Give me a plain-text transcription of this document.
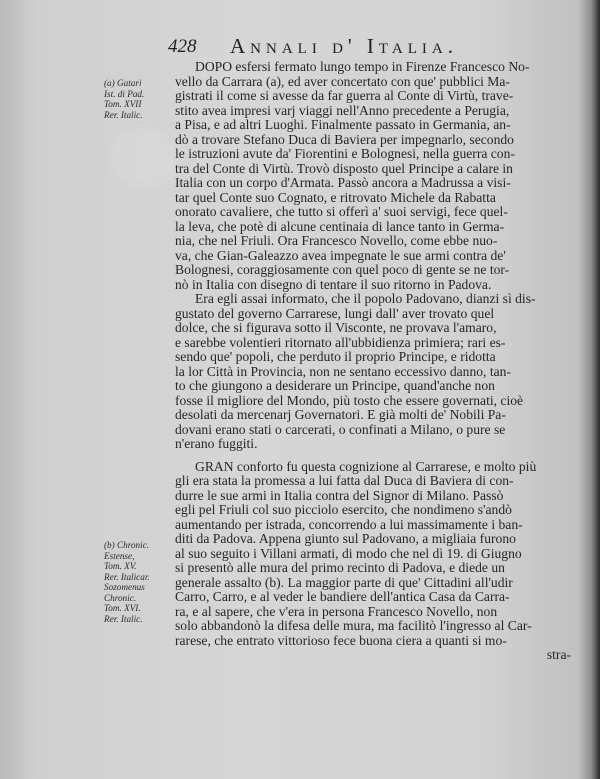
428 Annali d' Italia.
(a) Gatari
Ist. di Pad.
Tom. XVII
Rer. Italic.
(b) Chronic.
Estense,
Tom. XV.
Rer. Italicar.
Sozomenus
Chronic.
Tom. XVI.
Rer. Italic.
DOPO esfersi fermato lungo tempo in Firenze Francesco No-
vello da Carrara (a), ed aver concertato con que' pubblici Ma-
gistrati il come si avesse da far guerra al Conte di Virtù, trave-
stito avea impresi varj viaggi nell'Anno precedente a Perugia,
a Pisa, e ad altri Luoghi. Finalmente passato in Germania, an-
dò a trovare Stefano Duca di Baviera per impegnarlo, secondo
le istruzioni avute da' Fiorentini e Bolognesi, nella guerra con-
tra del Conte di Virtù. Trovò disposto quel Principe a calare in
Italia con un corpo d'Armata. Passò ancora a Madrussa a visi-
tar quel Conte suo Cognato, e ritrovato Michele da Rabatta
onorato cavaliere, che tutto si offerì a' suoi servigi, fece quel-
la leva, che potè di alcune centinaia di lance tanto in Germa-
nia, che nel Friuli. Ora Francesco Novello, come ebbe nuo-
va, che Gian-Galeazzo avea impegnate le sue armi contra de'
Bolognesi, coraggiosamente con quel poco di gente se ne tor-
nò in Italia con disegno di tentare il suo ritorno in Padova.
Era egli assai informato, che il popolo Padovano, dianzi sì dis-
gustato del governo Carrarese, lungi dall' aver trovato quel
dolce, che si figurava sotto il Visconte, ne provava l'amaro,
e sarebbe volentieri ritornato all'ubbidienza primiera; rari es-
sendo que' popoli, che perduto il proprio Principe, e ridotta
la lor Città in Provincia, non ne sentano eccessivo danno, tan-
to che giungono a desiderare un Principe, quand'anche non
fosse il migliore del Mondo, più tosto che essere governati, cioè
desolati da mercenarj Governatori. E già molti de' Nobili Pa-
dovani erano stati o carcerati, o confinati a Milano, o pure se
n'erano fuggiti.
GRAN conforto fu questa cognizione al Carrarese, e molto più
gli era stata la promessa a lui fatta dal Duca di Baviera di con-
durre le sue armi in Italia contra del Signor di Milano. Passò
egli pel Friuli col suo picciolo esercito, che nondimeno s'andò
aumentando per istrada, concorrendo a lui massimamente i ban-
diti da Padova. Appena giunto sul Padovano, a migliaia furono
al suo seguito i Villani armati, di modo che nel dì 19. di Giugno
si presentò alle mura del primo recinto di Padova, e diede un
generale assalto (b). La maggior parte di que' Cittadini all'udir
Carro, Carro, e al veder le bandiere dell'antica Casa da Carra-
ra, e al sapere, che v'era in persona Francesco Novello, non
solo abbandonò la difesa delle mura, ma facilitò l'ingresso al Car-
rarese, che entrato vittorioso fece buona ciera a quanti si mo-
stra-
